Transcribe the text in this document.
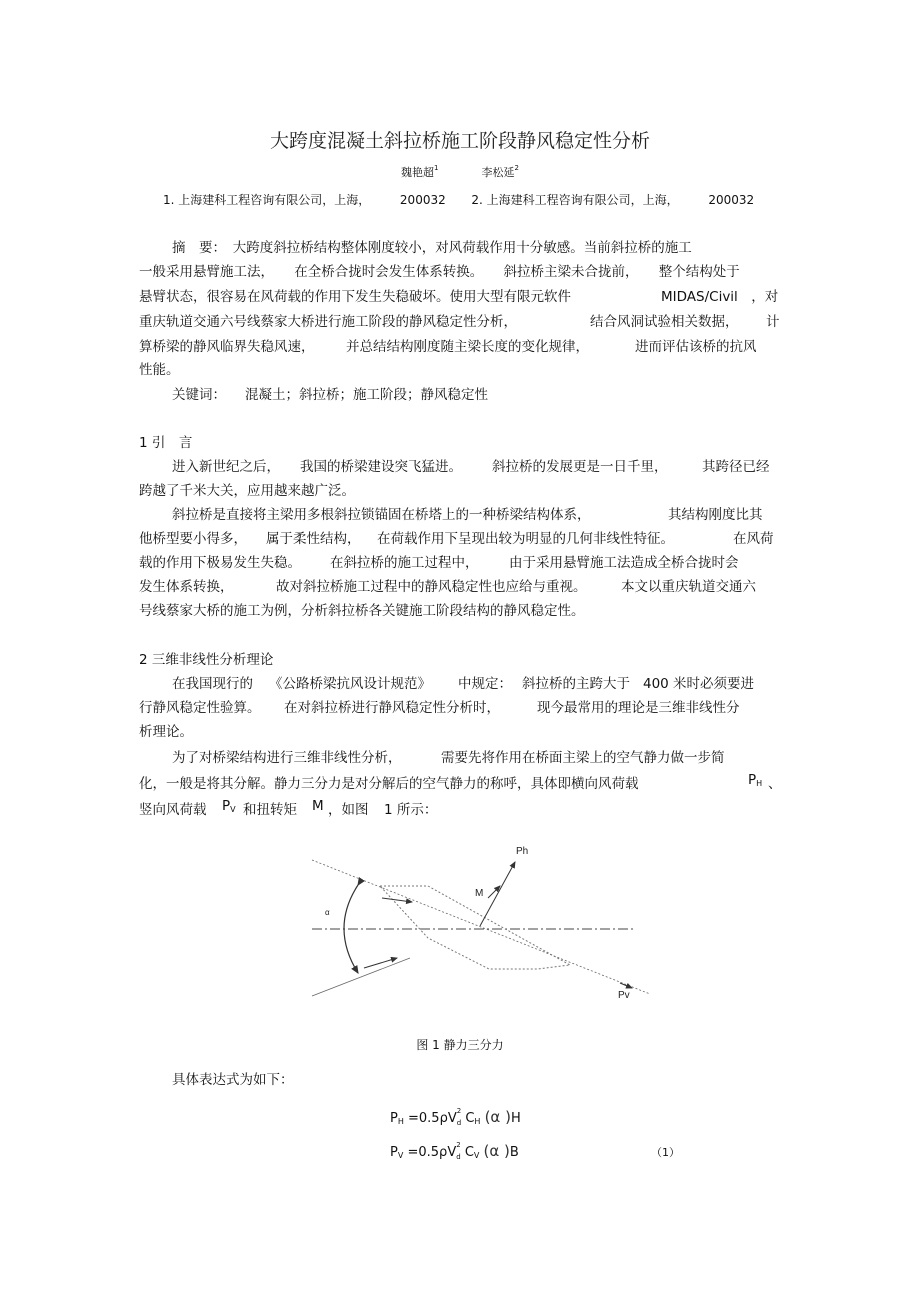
大跨度混凝土斜拉桥施工阶段静风稳定性分析
魏艳超$^1$	李松延$^2$
1. 上海建科工程咨询有限公司，上海， 200032 2. 上海建科工程咨询有限公司，上海， 200032
摘　要：　大跨度斜拉桥结构整体刚度较小，对风荷载作用十分敏感。当前斜拉桥的施工
一般采用悬臂施工法，　　在全桥合拢时会发生体系转换。　　斜拉桥主梁未合拢前，　　整个结构处于
悬臂状态，很容易在风荷载的作用下发生失稳破坏。使用大型有限元软件	MIDAS/Civil　，对
重庆轨道交通六号线蔡家大桥进行施工阶段的静风稳定性分析，	结合风洞试验相关数据， 计
算桥梁的静风临界失稳风速， 并总结结构刚度随主梁长度的变化规律，	进而评估该桥的抗风
性能。
关键词： 混凝土；斜拉桥；施工阶段；静风稳定性
1 引　言
进入新世纪之后， 我国的桥梁建设突飞猛进。 斜拉桥的发展更是一日千里，	其跨径已经
跨越了千米大关，应用越来越广泛。
斜拉桥是直接将主梁用多根斜拉锁锚固在桥塔上的一种桥梁结构体系，	其结构刚度比其
他桥型要小得多， 属于柔性结构， 在荷载作用下呈现出较为明显的几何非线性特征。	在风荷
载的作用下极易发生失稳。 在斜拉桥的施工过程中， 由于采用悬臂施工法造成全桥合拢时会
发生体系转换，	故对斜拉桥施工过程中的静风稳定性也应给与重视。	本文以重庆轨道交通六
号线蔡家大桥的施工为例，分析斜拉桥各关键施工阶段结构的静风稳定性。
2 三维非线性分析理论
在我国现行的 《公路桥梁抗风设计规范》 中规定： 斜拉桥的主跨大于 400 米时必须要进
行静风稳定性验算。 在对斜拉桥进行静风稳定性分析时，	现今最常用的理论是三维非线性分
析理论。
为了对桥梁结构进行三维非线性分析，	需要先将作用在桥面主梁上的空气静力做一步简
化，一般是将其分解。静力三分力是对分解后的空气静力的称呼，具体即横向风荷载	$P_H$ 、
竖向风荷载 $P_V$ 和扭转矩 M ，如图 1 所示：
Ph
M
α
Pv
图 1 静力三分力
具体表达式为如下：
$P_H =0.5\rho V$ 2
d $C_H$ (α )H
$P_V =0.5\rho V$ 2
d $C_V$ (α )B	（1）
